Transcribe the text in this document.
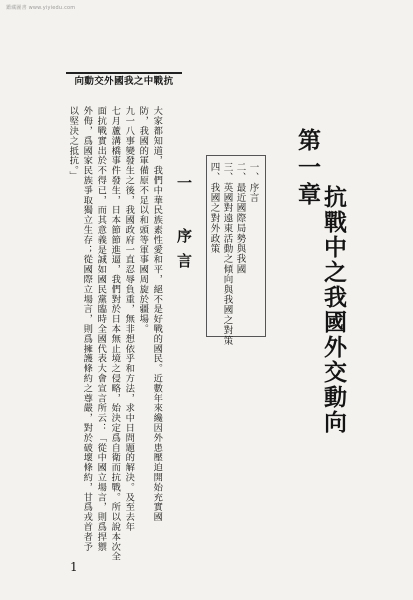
鑑藏圖書 www.yiyiedu.com
抗戰中之我國外交動向
大家都知道，我們中華民族素性愛和平，絕不是好戰的國民。近數年來纔因外患壓迫開始充實國
防，我國的軍備原不足以和頭等軍事國周旋於疆場。
九一八事變發生之後，我國政府一直忍辱負重，無非想依乎和方法，求中日問題的解決。及至去年
七月蘆溝橋事件發生，日本節節進逼，我們對於日本無止境之侵略，始決定爲自衛而抗戰。所以說本次全
面抗戰實出於不得已，而其意義是誠如國民黨臨時全國代表大會宣言所云：「從中國立場言，則爲捍禦
外侮，爲國家民族爭取獨立生存；從國際立場言，則爲擁護條約之尊嚴，對於破壞條約，甘爲戎首者予
以堅決之抵抗。」
一 序言	一、序言
二、最近國際局勢與我國
三、英國對遠東活動之傾向與我國之對策
四、我國之對外政策	第一章
抗戰中之我國外交動向
1
